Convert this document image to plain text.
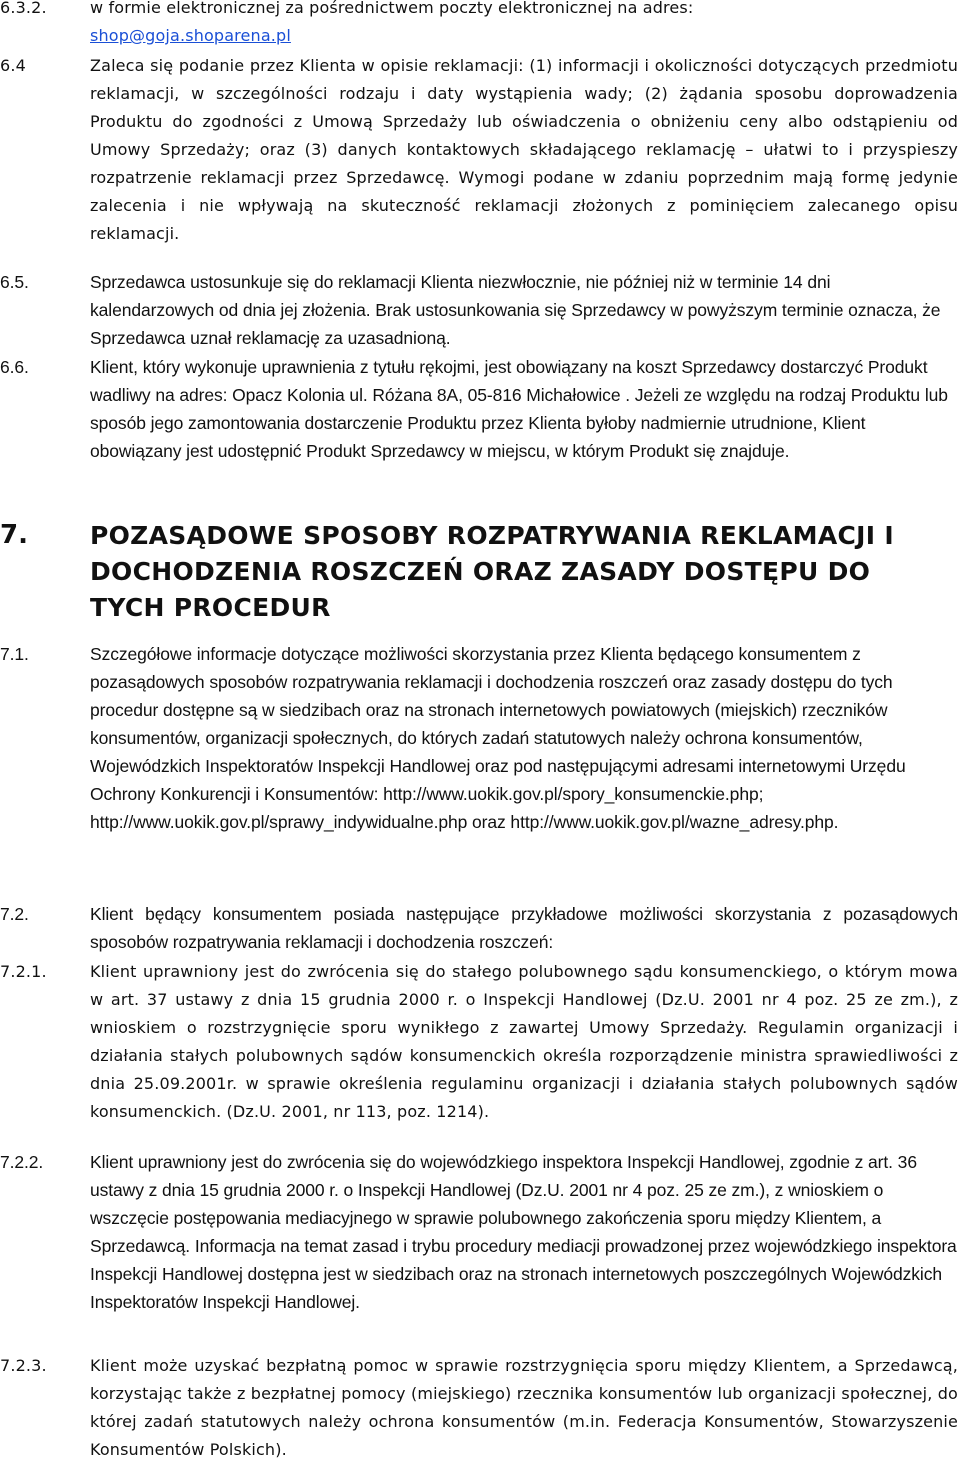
6.3.2.	w formie elektronicznej za pośrednictwem poczty elektronicznej na adres:
shop@goja.shoparena.pl
6.4	Zaleca się podanie przez Klienta w opisie reklamacji: (1) informacji i okoliczności dotyczących przedmiotu reklamacji, w szczególności rodzaju i daty wystąpienia wady; (2) żądania sposobu doprowadzenia Produktu do zgodności z Umową Sprzedaży lub oświadczenia o obniżeniu ceny albo odstąpieniu od Umowy Sprzedaży; oraz (3) danych kontaktowych składającego reklamację – ułatwi to i przyspieszy rozpatrzenie reklamacji przez Sprzedawcę. Wymogi podane w zdaniu poprzednim mają formę jedynie zalecenia i nie wpływają na skuteczność reklamacji złożonych z pominięciem zalecanego opisu reklamacji.
6.5.	Sprzedawca ustosunkuje się do reklamacji Klienta niezwłocznie, nie później niż w terminie 14 dni kalendarzowych od dnia jej złożenia. Brak ustosunkowania się Sprzedawcy w powyższym terminie oznacza, że Sprzedawca uznał reklamację za uzasadnioną.
6.6.	Klient, który wykonuje uprawnienia z tytułu rękojmi, jest obowiązany na koszt Sprzedawcy dostarczyć Produkt wadliwy na adres: Opacz Kolonia ul. Różana 8A, 05-816 Michałowice . Jeżeli ze względu na rodzaj Produktu lub sposób jego zamontowania dostarczenie Produktu przez Klienta byłoby nadmiernie utrudnione, Klient obowiązany jest udostępnić Produkt Sprzedawcy w miejscu, w którym Produkt się znajduje.
7. POZASĄDOWE SPOSOBY ROZPATRYWANIA REKLAMACJI I DOCHODZENIA ROSZCZEŃ ORAZ ZASADY DOSTĘPU DO TYCH PROCEDUR
7.1.	Szczegółowe informacje dotyczące możliwości skorzystania przez Klienta będącego konsumentem z pozasądowych sposobów rozpatrywania reklamacji i dochodzenia roszczeń oraz zasady dostępu do tych procedur dostępne są w siedzibach oraz na stronach internetowych powiatowych (miejskich) rzeczników konsumentów, organizacji społecznych, do których zadań statutowych należy ochrona konsumentów, Wojewódzkich Inspektoratów Inspekcji Handlowej oraz pod następującymi adresami internetowymi Urzędu Ochrony Konkurencji i Konsumentów: http://www.uokik.gov.pl/spory_konsumenckie.php; http://www.uokik.gov.pl/sprawy_indywidualne.php oraz http://www.uokik.gov.pl/wazne_adresy.php.
7.2.	Klient będący konsumentem posiada następujące przykładowe możliwości skorzystania z pozasądowych sposobów rozpatrywania reklamacji i dochodzenia roszczeń:
7.2.1.	Klient uprawniony jest do zwrócenia się do stałego polubownego sądu konsumenckiego, o którym mowa w art. 37 ustawy z dnia 15 grudnia 2000 r. o Inspekcji Handlowej (Dz.U. 2001 nr 4 poz. 25 ze zm.), z wnioskiem o rozstrzygnięcie sporu wynikłego z zawartej Umowy Sprzedaży. Regulamin organizacji i działania stałych polubownych sądów konsumenckich określa rozporządzenie ministra sprawiedliwości z dnia 25.09.2001r. w sprawie określenia regulaminu organizacji i działania stałych polubownych sądów konsumenckich. (Dz.U. 2001, nr 113, poz. 1214).
7.2.2.	Klient uprawniony jest do zwrócenia się do wojewódzkiego inspektora Inspekcji Handlowej, zgodnie z art. 36 ustawy z dnia 15 grudnia 2000 r. o Inspekcji Handlowej (Dz.U. 2001 nr 4 poz. 25 ze zm.), z wnioskiem o wszczęcie postępowania mediacyjnego w sprawie polubownego zakończenia sporu między Klientem, a Sprzedawcą. Informacja na temat zasad i trybu procedury mediacji prowadzonej przez wojewódzkiego inspektora Inspekcji Handlowej dostępna jest w siedzibach oraz na stronach internetowych poszczególnych Wojewódzkich Inspektoratów Inspekcji Handlowej.
7.2.3.	Klient może uzyskać bezpłatną pomoc w sprawie rozstrzygnięcia sporu między Klientem, a Sprzedawcą, korzystając także z bezpłatnej pomocy (miejskiego) rzecznika konsumentów lub organizacji społecznej, do której zadań statutowych należy ochrona konsumentów (m.in. Federacja Konsumentów, Stowarzyszenie Konsumentów Polskich).
